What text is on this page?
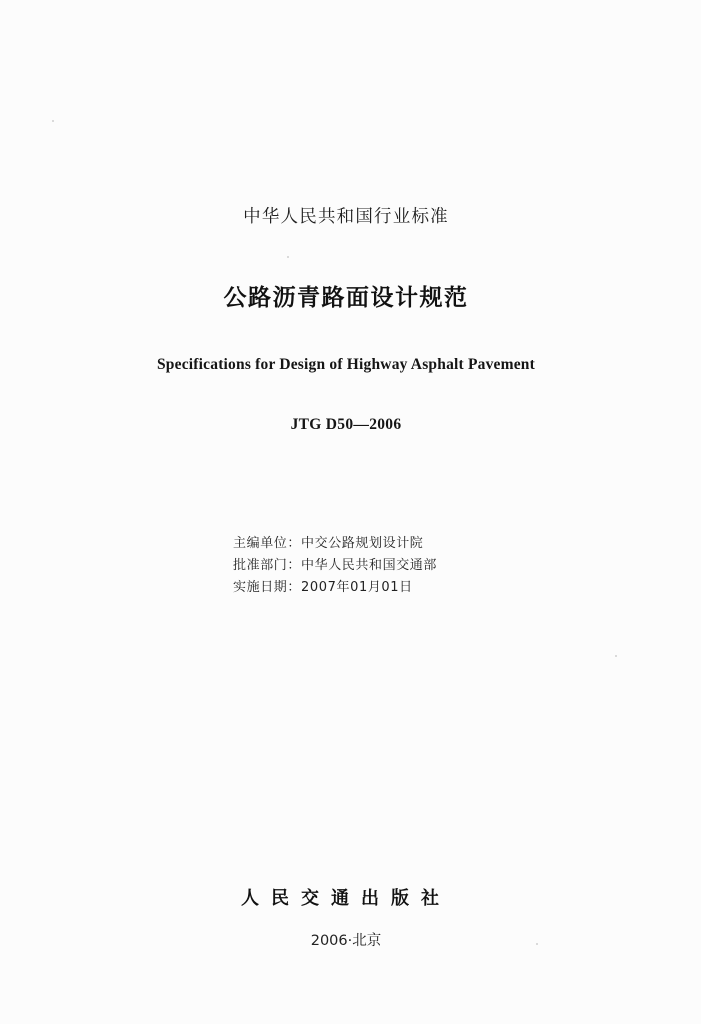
中华人民共和国行业标准
公路沥青路面设计规范
Specifications for Design of Highway Asphalt Pavement
JTG D50—2006
主编单位：中交公路规划设计院
批准部门：中华人民共和国交通部
实施日期：2007年01月01日
人民交通出版社
2006·北京
